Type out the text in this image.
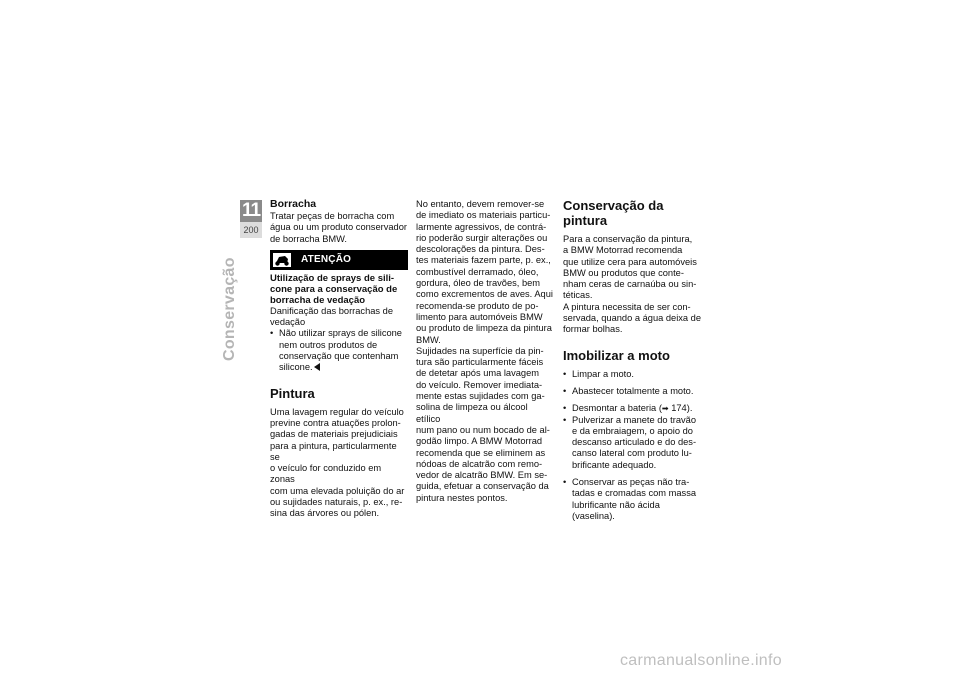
11
200
Conservação
Borracha

Tratar peças de borracha com
água ou um produto conservador
de borracha BMW.

ATENÇÃO

Utilização de sprays de sili-
cone para a conservação de
borracha de vedação

Danificação das borrachas de
vedação

• Não utilizar sprays de silicone
nem outros produtos de
conservação que contenham
silicone.
Pintura

Uma lavagem regular do veículo
previne contra atuações prolon-
gadas de materiais prejudiciais
para a pintura, particularmente se
o veículo for conduzido em zonas
com uma elevada poluição do ar
ou sujidades naturais, p. ex., re-
sina das árvores ou pólen.

No entanto, devem remover-se
de imediato os materiais particu-
larmente agressivos, de contrá-
rio poderão surgir alterações ou
descolorações da pintura. Des-
tes materiais fazem parte, p. ex.,
combustível derramado, óleo,
gordura, óleo de travões, bem
como excrementos de aves. Aqui
recomenda-se produto de po-
limento para automóveis BMW
ou produto de limpeza da pintura
BMW.

Sujidades na superfície da pin-
tura são particularmente fáceis
de detetar após uma lavagem
do veículo. Remover imediata-
mente estas sujidades com ga-
solina de limpeza ou álcool etílico
num pano ou num bocado de al-
godão limpo. A BMW Motorrad
recomenda que se eliminem as
nódoas de alcatrão com remo-
vedor de alcatrão BMW. Em se-
guida, efetuar a conservação da
pintura nestes pontos.

Conservação da pintura

Para a conservação da pintura,
a BMW Motorrad recomenda
que utilize cera para automóveis
BMW ou produtos que conte-
nham ceras de carnaúba ou sin-
téticas.

A pintura necessita de ser con-
servada, quando a água deixa de
formar bolhas.

Imobilizar a moto
• Limpar a moto.
• Abastecer totalmente a moto.
• Desmontar a bateria (➡ 174).
• Pulverizar a manete do travão
e da embraiagem, o apoio do
descanso articulado e do des-
canso lateral com produto lu-
brificante adequado.
• Conservar as peças não tra-
tadas e cromadas com massa
lubrificante não ácida (vaselina).
carmanualsonline.info
